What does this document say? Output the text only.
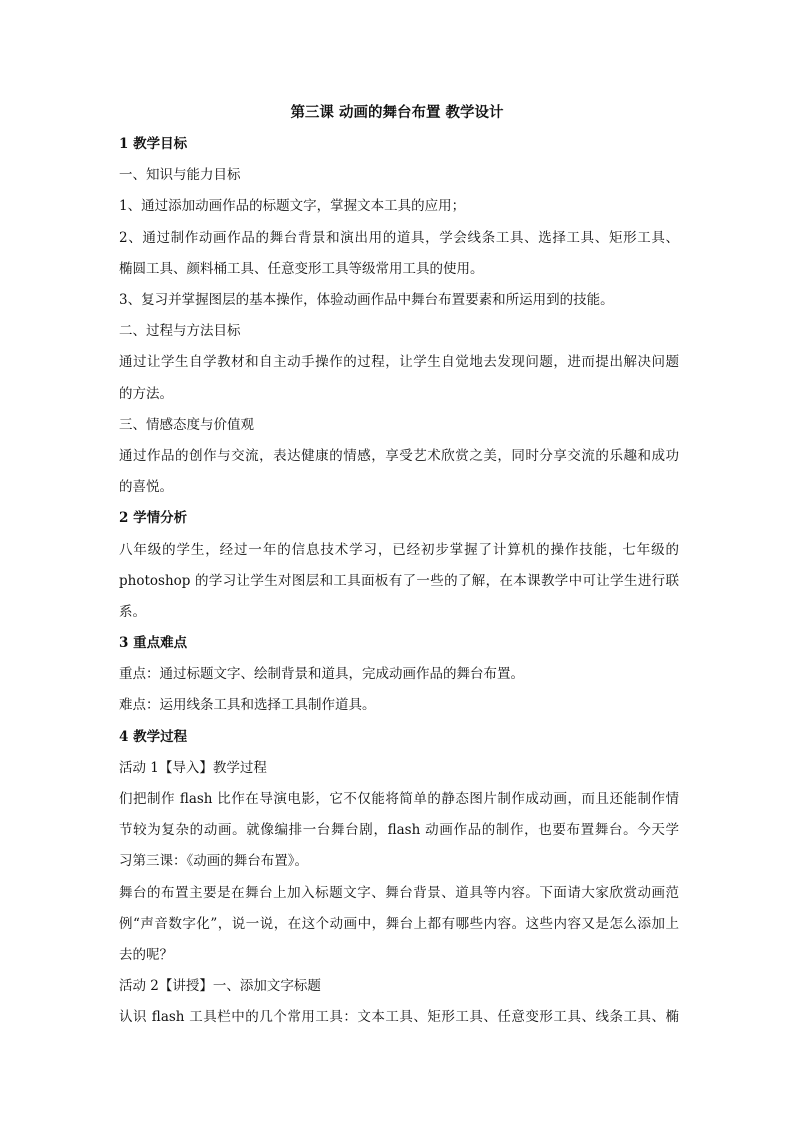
第三课 动画的舞台布置 教学设计
1 教学目标
一、知识与能力目标
1、通过添加动画作品的标题文字，掌握文本工具的应用；
2、通过制作动画作品的舞台背景和演出用的道具，学会线条工具、选择工具、矩形工具、
椭圆工具、颜料桶工具、任意变形工具等级常用工具的使用。
3、复习并掌握图层的基本操作，体验动画作品中舞台布置要素和所运用到的技能。
二、过程与方法目标
通过让学生自学教材和自主动手操作的过程，让学生自觉地去发现问题，进而提出解决问题
的方法。
三、情感态度与价值观
通过作品的创作与交流，表达健康的情感，享受艺术欣赏之美，同时分享交流的乐趣和成功
的喜悦。
2 学情分析
八年级的学生，经过一年的信息技术学习，已经初步掌握了计算机的操作技能，七年级的
photoshop 的学习让学生对图层和工具面板有了一些的了解，在本课教学中可让学生进行联
系。
3 重点难点
重点：通过标题文字、绘制背景和道具，完成动画作品的舞台布置。
难点：运用线条工具和选择工具制作道具。
4 教学过程
活动 1【导入】教学过程
们把制作 flash 比作在导演电影，它不仅能将简单的静态图片制作成动画，而且还能制作情
节较为复杂的动画。就像编排一台舞台剧，flash 动画作品的制作，也要布置舞台。今天学
习第三课：《动画的舞台布置》。
舞台的布置主要是在舞台上加入标题文字、舞台背景、道具等内容。下面请大家欣赏动画范
例“声音数字化”，说一说，在这个动画中，舞台上都有哪些内容。这些内容又是怎么添加上
去的呢？
活动 2【讲授】一、添加文字标题
认识 flash 工具栏中的几个常用工具：文本工具、矩形工具、任意变形工具、线条工具、椭
